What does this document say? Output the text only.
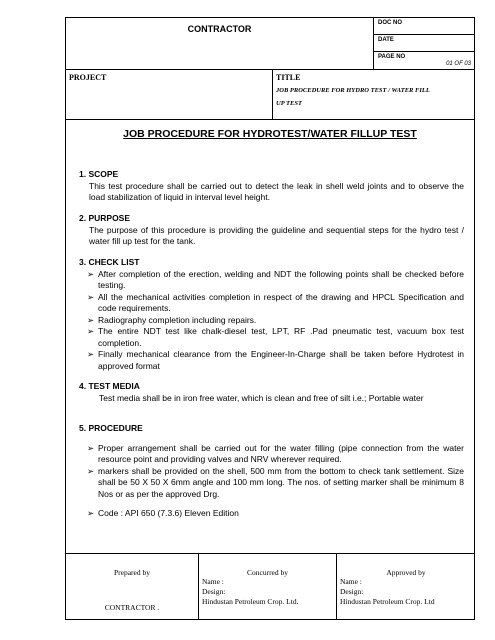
CONTRACTOR
DOC NO
DATE
PAGE NO
01 OF 03
PROJECT	TITLE
JOB PROCEDURE FOR HYDRO TEST / WATER FILL
UP TEST
JOB PROCEDURE FOR HYDROTEST/WATER FILLUP TEST
1. SCOPE
This test procedure shall be carried out to detect the leak in shell weld joints and to observe the load stabilization of liquid in interval level height.
2. PURPOSE
The purpose of this procedure is providing the guideline and sequential steps for the hydro test / water fill up test for the tank.
3. CHECK LIST
➢ After completion of the erection, welding and NDT the following points shall be checked before testing.
➢ All the mechanical activities completion in respect of the drawing and HPCL Specification and code requirements.
➢ Radiography completion including repairs.
➢ The entire NDT test like chalk-diesel test, LPT, RF .Pad pneumatic test, vacuum box test completion.
➢ Finally mechanical clearance from the Engineer-In-Charge shall be taken before Hydrotest in approved format
4. TEST MEDIA
Test media shall be in iron free water, which is clean and free of silt i.e.; Portable water
5. PROCEDURE
➢ Proper arrangement shall be carried out for the water filling (pipe connection from the water resource point and providing valves and NRV wherever required.
➢ markers shall be provided on the shell, 500 mm from the bottom to check tank settlement. Size shall be 50 X 50 X 6mm angle and 100 mm long. The nos. of setting marker shall be minimum 8 Nos or as per the approved Drg.
➢ Code : API 650 (7.3.6) Eleven Edition
Prepared by
CONTRACTOR .
Concurred by
Name :
Design:
Hindustan Petroleum Crop. Ltd.
Approved by
Name :
Design:
Hindustan Petroleum Crop. Ltd
